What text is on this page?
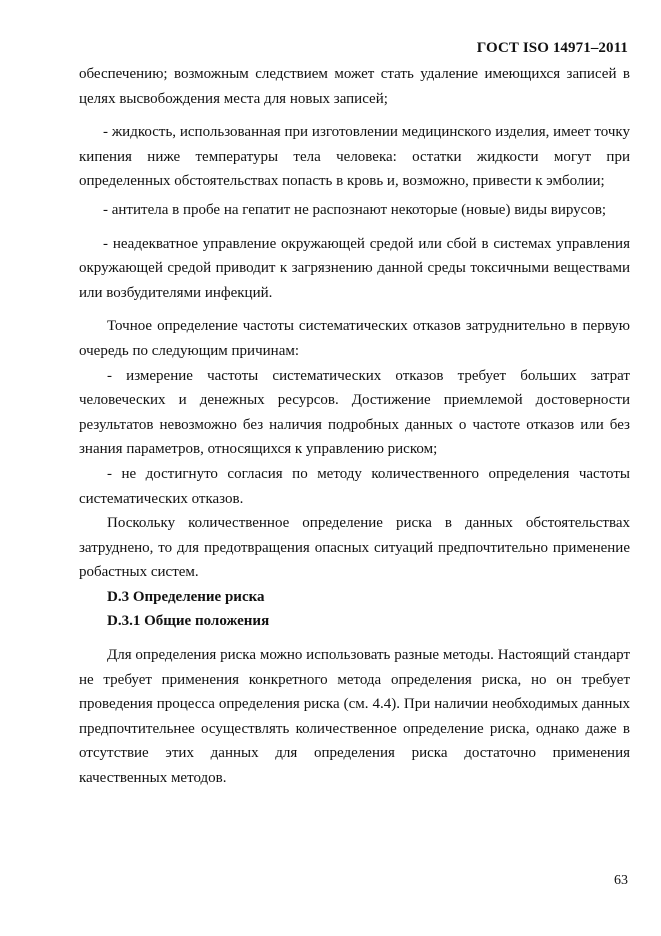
ГОСТ ISO 14971–2011

обеспечению; возможным следствием может стать удаление имеющихся записей в целях высвобождения места для новых записей;

- жидкость, использованная при изготовлении медицинского изделия, имеет точку кипения ниже температуры тела человека: остатки жидкости могут при определенных обстоятельствах попасть в кровь и, возможно, привести к эмболии;

- антитела в пробе на гепатит не распознают некоторые (новые) виды вирусов;

- неадекватное управление окружающей средой или сбой в системах управления окружающей средой приводит к загрязнению данной среды токсичными веществами или возбудителями инфекций.

Точное определение частоты систематических отказов затруднительно в первую очередь по следующим причинам:

- измерение частоты систематических отказов требует больших затрат человеческих и денежных ресурсов. Достижение приемлемой достоверности результатов невозможно без наличия подробных данных о частоте отказов или без знания параметров, относящихся к управлению риском;

- не достигнуто согласия по методу количественного определения частоты систематических отказов.

Поскольку количественное определение риска в данных обстоятельствах затруднено, то для предотвращения опасных ситуаций предпочтительно применение робастных систем.

D.3 Определение риска

D.3.1 Общие положения

Для определения риска можно использовать разные методы. Настоящий стандарт не требует применения конкретного метода определения риска, но он требует проведения процесса определения риска (см. 4.4). При наличии необходимых данных предпочтительнее осуществлять количественное определение риска, однако даже в отсутствие этих данных для определения риска достаточно применения качественных методов.

63
